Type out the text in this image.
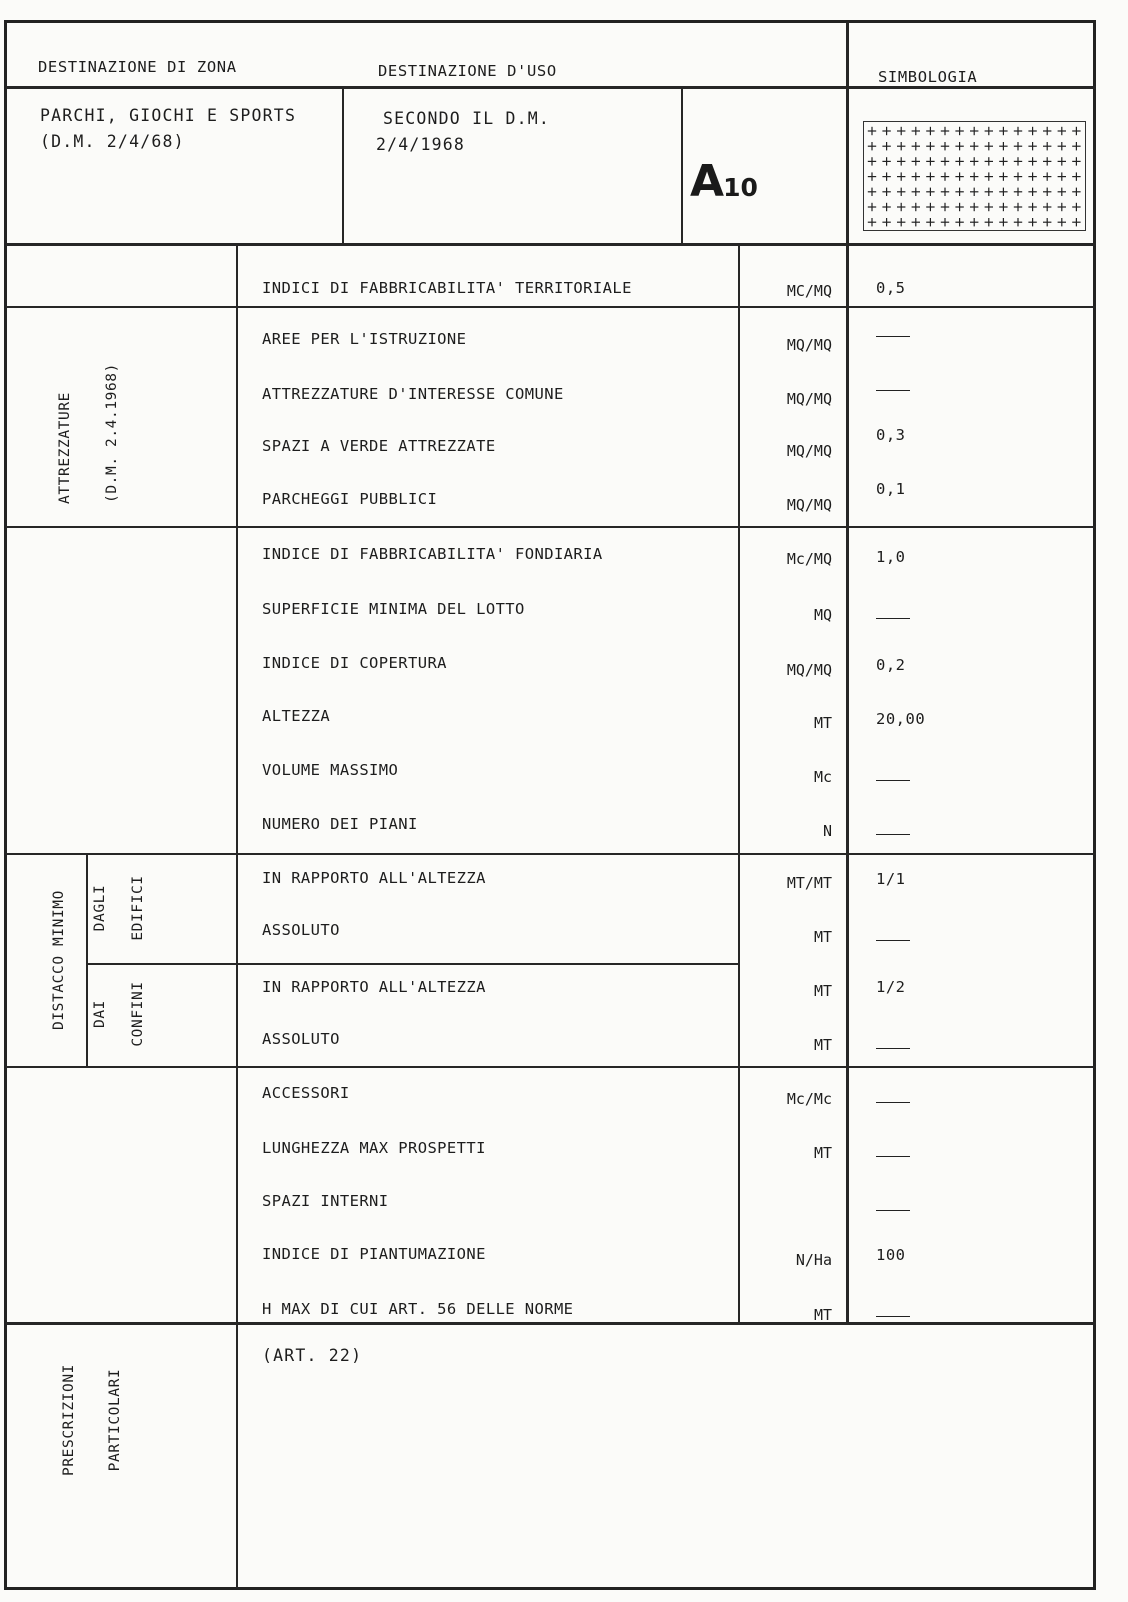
DESTINAZIONE DI ZONA	DESTINAZIONE D'USO	SIMBOLOGIA
PARCHI, GIOCHI E SPORTS
(D.M. 2/4/68)
SECONDO IL D.M.
2/4/1968
A10
ATTREZZATURE (D.M. 2.4.1968)
DISTACCO MINIMO DAGLI EDIFICI
DAI CONFINI
PRESCRIZIONI PARTICOLARI
INDICI DI FABBRICABILITA' TERRITORIALE
AREE PER L'ISTRUZIONE
ATTREZZATURE D'INTERESSE COMUNE
SPAZI A VERDE ATTREZZATE
PARCHEGGI PUBBLICI
INDICE DI FABBRICABILITA' FONDIARIA
SUPERFICIE MINIMA DEL LOTTO
INDICE DI COPERTURA
ALTEZZA
VOLUME MASSIMO
NUMERO DEI PIANI
IN RAPPORTO ALL'ALTEZZA
ASSOLUTO
IN RAPPORTO ALL'ALTEZZA
ASSOLUTO
ACCESSORI
LUNGHEZZA MAX PROSPETTI
SPAZI INTERNI
INDICE DI PIANTUMAZIONE
H MAX DI CUI ART. 56 DELLE NORME
MC/MQ
MQ/MQ
MQ/MQ
MQ/MQ
MQ/MQ
Mc/MQ
MQ
MQ/MQ
MT
Mc
N
MT/MT
MT
MT
MT
Mc/Mc
MT
N/Ha
MT
0,5
0,3
0,1
1,0
0,2
20,00
1/1
1/2
100
(ART. 22)
